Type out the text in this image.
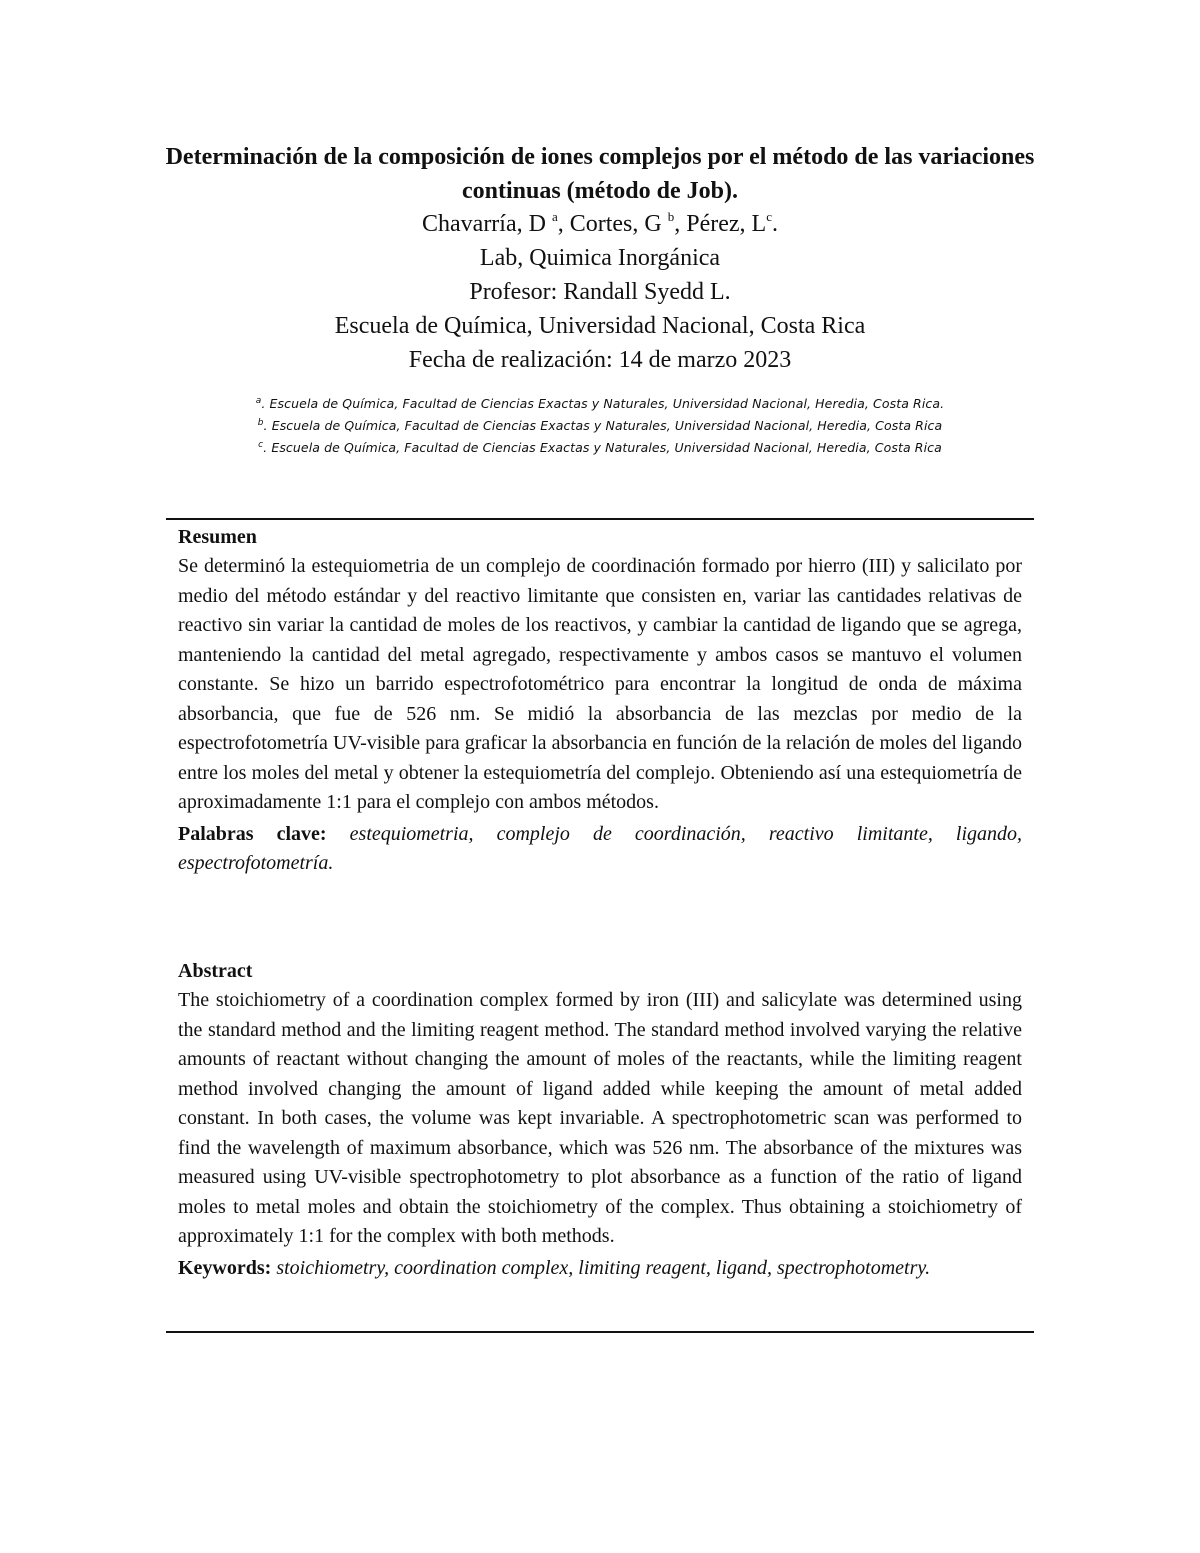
Determinación de la composición de iones complejos por el método de las variaciones continuas (método de Job).
Chavarría, D $^a$, Cortes, G $^b$, Pérez, $L^c$.
Lab, Quimica Inorgánica
Profesor: Randall Syedd L.
Escuela de Química, Universidad Nacional, Costa Rica
Fecha de realización: 14 de marzo 2023
$^a$. Escuela de Química, Facultad de Ciencias Exactas y Naturales, Universidad Nacional, Heredia, Costa Rica.
$^b$. Escuela de Química, Facultad de Ciencias Exactas y Naturales, Universidad Nacional, Heredia, Costa Rica
$^c$. Escuela de Química, Facultad de Ciencias Exactas y Naturales, Universidad Nacional, Heredia, Costa Rica
Resumen
Se determinó la estequiometria de un complejo de coordinación formado por hierro (III) y salicilato por medio del método estándar y del reactivo limitante que consisten en, variar las cantidades relativas de reactivo sin variar la cantidad de moles de los reactivos, y cambiar la cantidad de ligando que se agrega, manteniendo la cantidad del metal agregado, respectivamente y ambos casos se mantuvo el volumen constante. Se hizo un barrido espectrofotométrico para encontrar la longitud de onda de máxima absorbancia, que fue de 526 nm. Se midió la absorbancia de las mezclas por medio de la espectrofotometría UV-visible para graficar la absorbancia en función de la relación de moles del ligando entre los moles del metal y obtener la estequiometría del complejo. Obteniendo así una estequiometría de aproximadamente 1:1 para el complejo con ambos métodos.
Palabras clave: estequiometria, complejo de coordinación, reactivo limitante, ligando, espectrofotometría.
Abstract
The stoichiometry of a coordination complex formed by iron (III) and salicylate was determined using the standard method and the limiting reagent method. The standard method involved varying the relative amounts of reactant without changing the amount of moles of the reactants, while the limiting reagent method involved changing the amount of ligand added while keeping the amount of metal added constant. In both cases, the volume was kept invariable. A spectrophotometric scan was performed to find the wavelength of maximum absorbance, which was 526 nm. The absorbance of the mixtures was measured using UV-visible spectrophotometry to plot absorbance as a function of the ratio of ligand moles to metal moles and obtain the stoichiometry of the complex. Thus obtaining a stoichiometry of approximately 1:1 for the complex with both methods.
Keywords: stoichiometry, coordination complex, limiting reagent, ligand, spectrophotometry.
